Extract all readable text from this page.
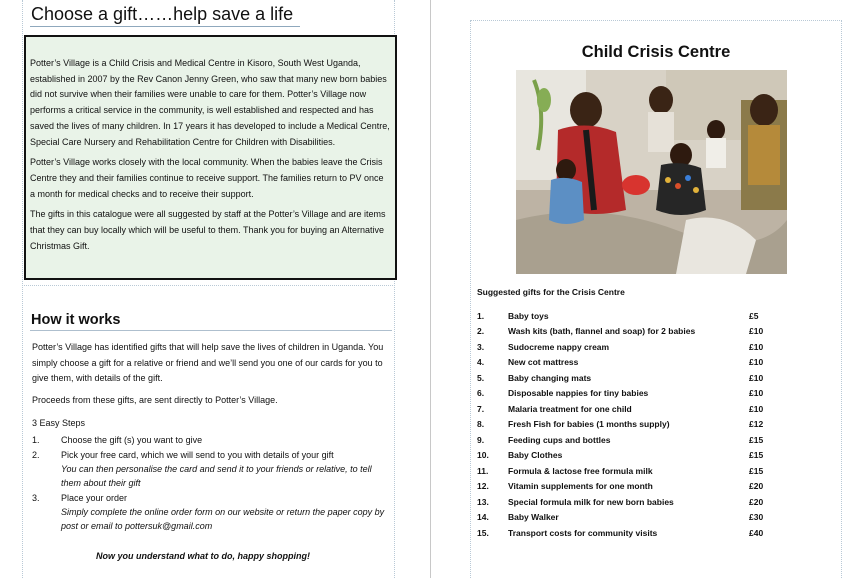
Choose a gift……help save a life

Potter’s Village is a Child Crisis and Medical Centre in Kisoro, South West Uganda, established in 2007 by the Rev Canon Jenny Green, who saw that many new born babies did not survive when their families were unable to care for them. Potter’s Village now performs a critical service in the community, is well established and respected and has saved the lives of many children. In 17 years it has developed to include a Medical Centre, Special Care Nursery and Rehabilitation Centre for Children with Disabilities.

Potter’s Village works closely with the local community. When the babies leave the Crisis Centre they and their families continue to receive support. The families return to PV once a month for medical checks and to receive their support.

The gifts in this catalogue were all suggested by staff at the Potter’s Village and are items that they can buy locally which will be useful to them. Thank you for buying an Alternative Christmas Gift.

How it works

Potter’s Village has identified gifts that will help save the lives of children in Uganda. You simply choose a gift for a relative or friend and we’ll send you one of our cards for you to give them, with details of the gift.

Proceeds from these gifts, are sent directly to Potter’s Village.

3 Easy Steps

1.	Choose the gift (s) you want to give
2.	Pick your free card, which we will send to you with details of your gift
You can then personalise the card and send it to your friends or relative, to tell them about their gift
3.	Place your order
Simply complete the online order form on our website or return the paper copy by post or email to pottersuk@gmail.com

Now you understand what to do, happy shopping!

Child Crisis Centre

Suggested gifts for the Crisis Centre

1.	Baby toys	£5
2.	Wash kits (bath, flannel and soap) for 2 babies	£10
3.	Sudocreme nappy cream	£10
4.	New cot mattress	£10
5.	Baby changing mats	£10
6.	Disposable nappies for tiny babies	£10
7.	Malaria treatment for one child	£10
8.	Fresh Fish for babies (1 months supply)	£12
9.	Feeding cups and bottles	£15
10.	Baby Clothes	£15
11.	Formula & lactose free formula milk	£15
12.	Vitamin supplements for one month	£20
13.	Special formula milk for new born babies	£20
14.	Baby Walker	£30
15.	Transport costs for community visits	£40
